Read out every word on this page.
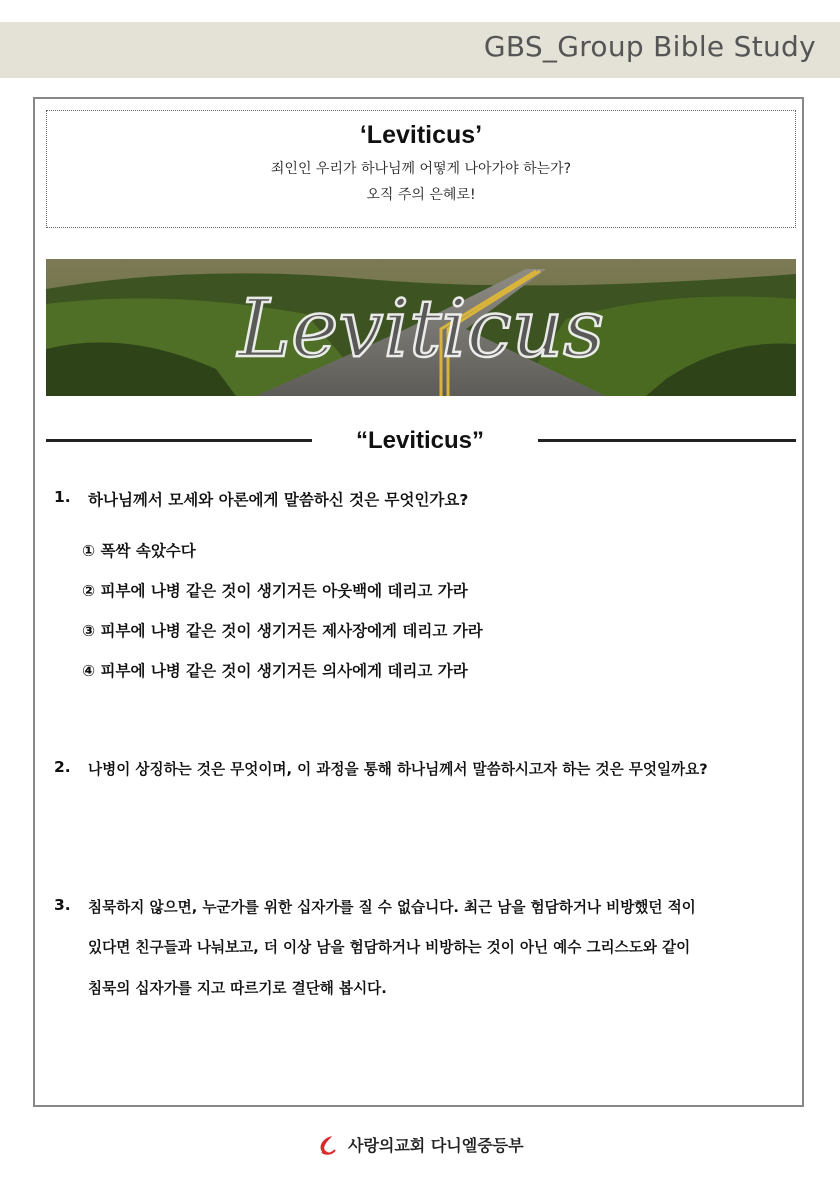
GBS_Group Bible Study
‘Leviticus’
죄인인 우리가 하나님께 어떻게 나아가야 하는가?
오직 주의 은혜로!
Leviticus
“Leviticus”
1. 하나님께서 모세와 아론에게 말씀하신 것은 무엇인가요?
① 폭싹 속았수다
② 피부에 나병 같은 것이 생기거든 아웃백에 데리고 가라
③ 피부에 나병 같은 것이 생기거든 제사장에게 데리고 가라
④ 피부에 나병 같은 것이 생기거든 의사에게 데리고 가라
2. 나병이 상징하는 것은 무엇이며, 이 과정을 통해 하나님께서 말씀하시고자 하는 것은 무엇일까요?
3. 침묵하지 않으면, 누군가를 위한 십자가를 질 수 없습니다. 최근 남을 험담하거나 비방했던 적이
있다면 친구들과 나눠보고, 더 이상 남을 험담하거나 비방하는 것이 아닌 예수 그리스도와 같이
침묵의 십자가를 지고 따르기로 결단해 봅시다.
사랑의교회 다니엘중등부
